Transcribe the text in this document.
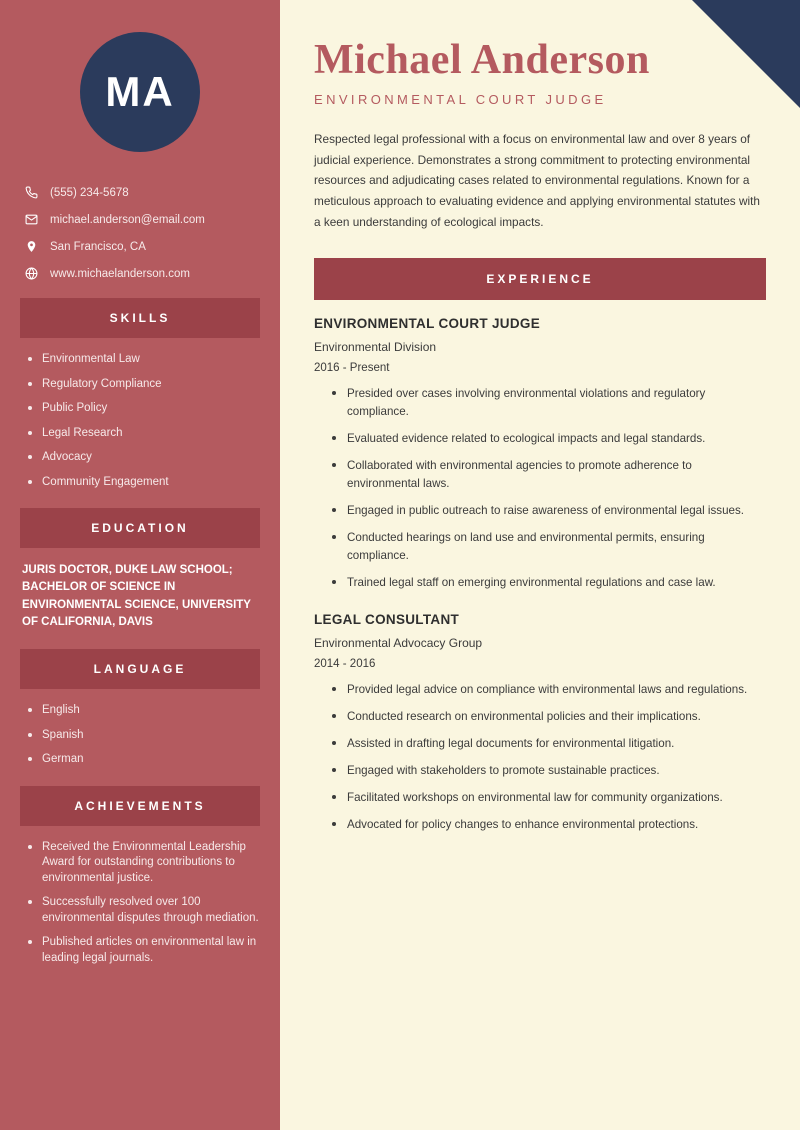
MA
(555) 234-5678
michael.anderson@email.com
San Francisco, CA
www.michaelanderson.com
SKILLS
Environmental Law
Regulatory Compliance
Public Policy
Legal Research
Advocacy
Community Engagement
EDUCATION
JURIS DOCTOR, DUKE LAW SCHOOL; BACHELOR OF SCIENCE IN ENVIRONMENTAL SCIENCE, UNIVERSITY OF CALIFORNIA, DAVIS
LANGUAGE
English
Spanish
German
ACHIEVEMENTS
Received the Environmental Leadership Award for outstanding contributions to environmental justice.
Successfully resolved over 100 environmental disputes through mediation.
Published articles on environmental law in leading legal journals.
Michael Anderson
ENVIRONMENTAL COURT JUDGE
Respected legal professional with a focus on environmental law and over 8 years of judicial experience. Demonstrates a strong commitment to protecting environmental resources and adjudicating cases related to environmental regulations. Known for a meticulous approach to evaluating evidence and applying environmental statutes with a keen understanding of ecological impacts.
EXPERIENCE
ENVIRONMENTAL COURT JUDGE
Environmental Division
2016 - Present
Presided over cases involving environmental violations and regulatory compliance.
Evaluated evidence related to ecological impacts and legal standards.
Collaborated with environmental agencies to promote adherence to environmental laws.
Engaged in public outreach to raise awareness of environmental legal issues.
Conducted hearings on land use and environmental permits, ensuring compliance.
Trained legal staff on emerging environmental regulations and case law.
LEGAL CONSULTANT
Environmental Advocacy Group
2014 - 2016
Provided legal advice on compliance with environmental laws and regulations.
Conducted research on environmental policies and their implications.
Assisted in drafting legal documents for environmental litigation.
Engaged with stakeholders to promote sustainable practices.
Facilitated workshops on environmental law for community organizations.
Advocated for policy changes to enhance environmental protections.
